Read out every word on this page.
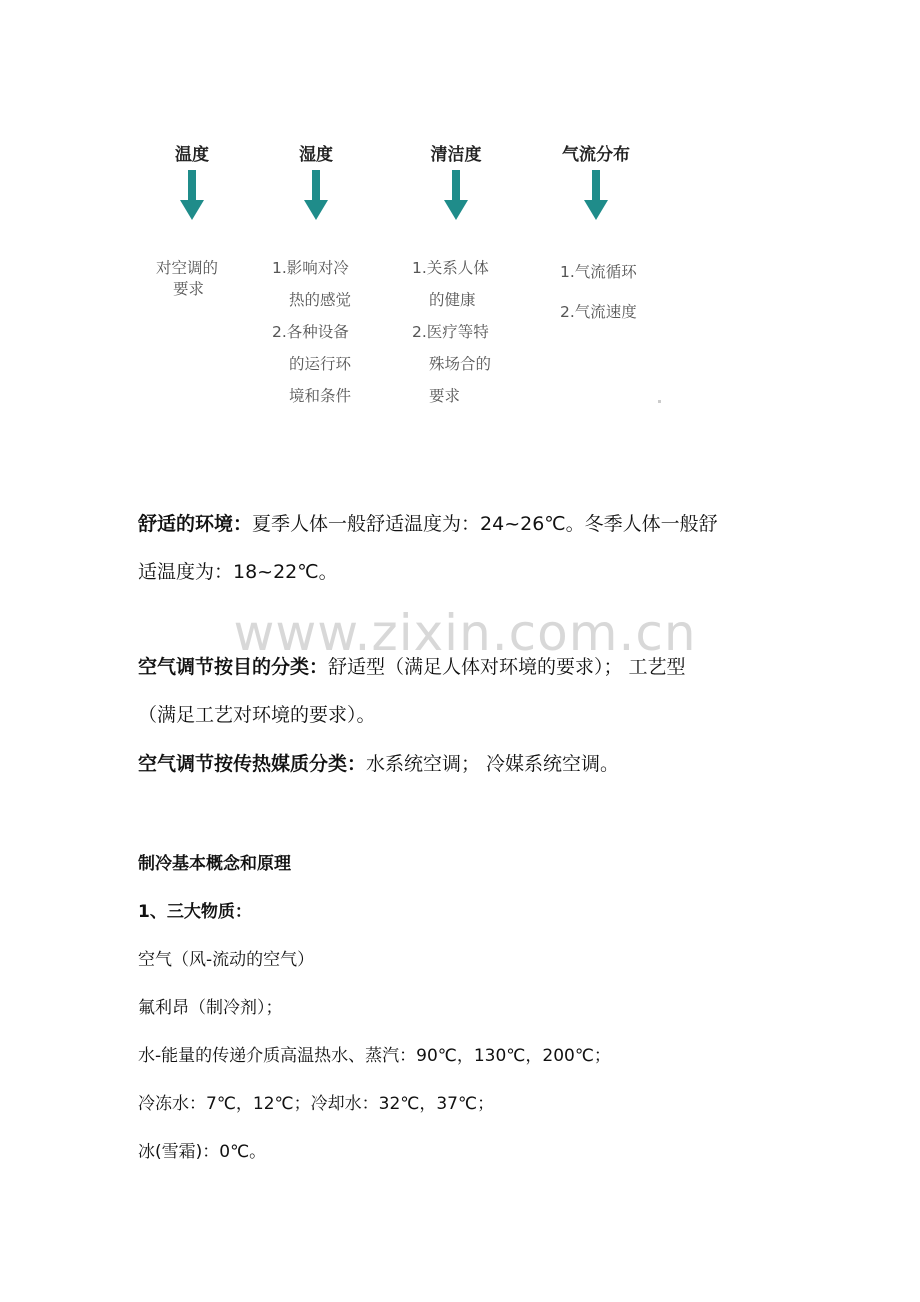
温度
对空调的
要求
湿度
1.影响对冷
热的感觉
2.各种设备
的运行环
境和条件
清洁度
1.关系人体
的健康
2.医疗等特
殊场合的
要求
气流分布
1.气流循环
2.气流速度
舒适的环境：夏季人体一般舒适温度为：24~26℃。冬季人体一般舒
适温度为：18~22℃。
www.zixin.com.cn
空气调节按目的分类：舒适型（满足人体对环境的要求）； 工艺型
（满足工艺对环境的要求）。
空气调节按传热媒质分类：水系统空调； 冷媒系统空调。
制冷基本概念和原理
1、三大物质：
空气（风-流动的空气）
氟利昂（制冷剂）；
水-能量的传递介质高温热水、蒸汽：90℃，130℃，200℃；
冷冻水：7℃，12℃；冷却水：32℃，37℃；
冰(雪霜)：0℃。
